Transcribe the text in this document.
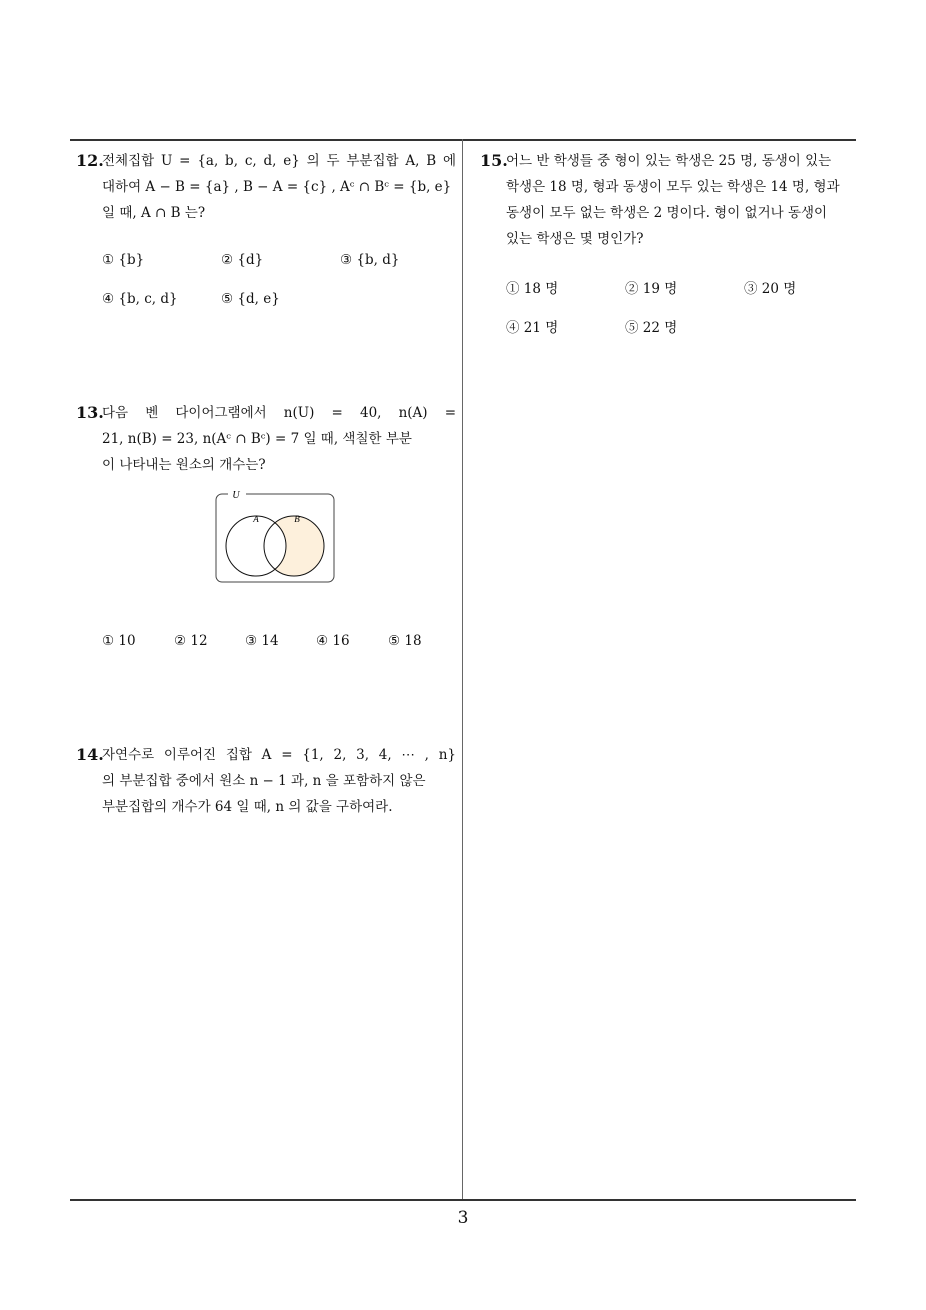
12.
전체집합 U = {a, b, c, d, e} 의 두 부분집합 A, B 에
대하여 A − B = {a} , B − A = {c} , Aᶜ ∩ Bᶜ = {b, e}
일 때, A ∩ B 는?
① {b}	② {d}	③ {b, d}
④ {b, c, d}	⑤ {d, e}
13.
다음 벤 다이어그램에서 n(U) = 40, n(A) =
21, n(B) = 23, n(Aᶜ ∩ Bᶜ) = 7 일 때, 색칠한 부분
이 나타내는 원소의 개수는?
U
A	B
① 10	② 12	③ 14	④ 16	⑤ 18
14.
자연수로 이루어진 집합 A = {1, 2, 3, 4, ⋯ , n}
의 부분집합 중에서 원소 n − 1 과, n 을 포함하지 않은
부분집합의 개수가 64 일 때, n 의 값을 구하여라.
15.
어느 반 학생들 중 형이 있는 학생은 25 명, 동생이 있는
학생은 18 명, 형과 동생이 모두 있는 학생은 14 명, 형과
동생이 모두 없는 학생은 2 명이다. 형이 없거나 동생이
있는 학생은 몇 명인가?
① 18 명	② 19 명	③ 20 명
④ 21 명	⑤ 22 명
3
